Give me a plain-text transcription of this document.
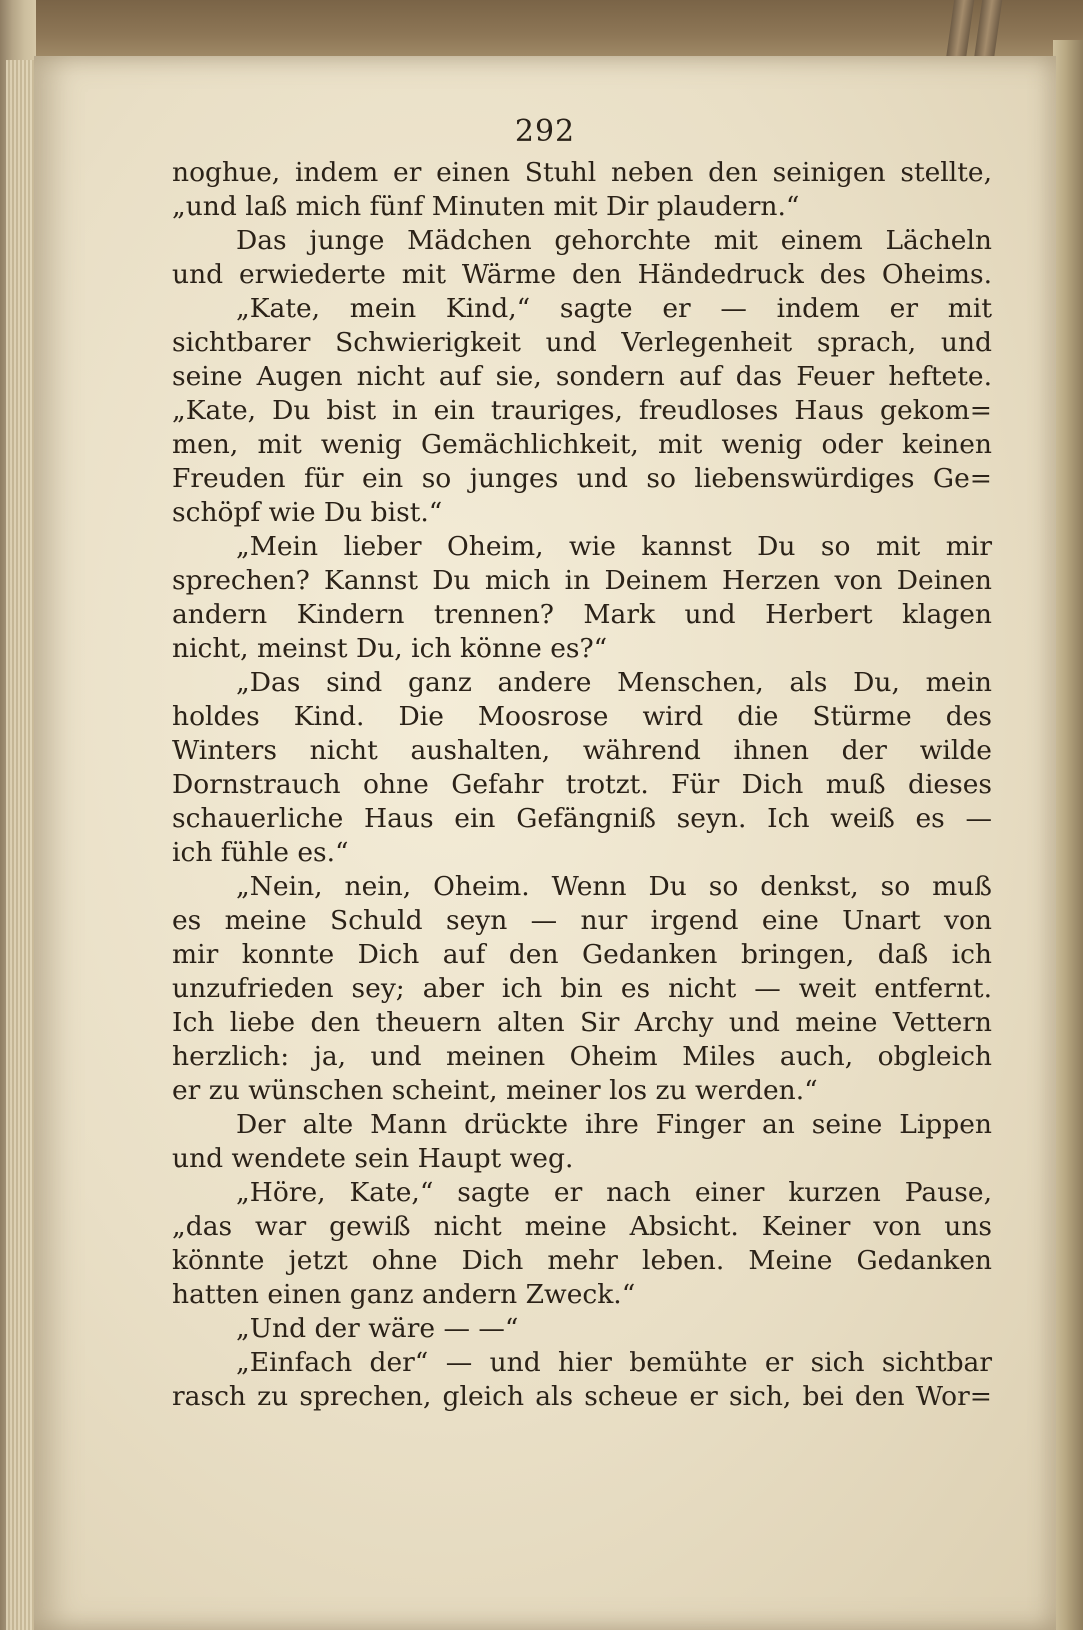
292
noghue, indem er einen Stuhl neben den seinigen stellte,
„und laß mich fünf Minuten mit Dir plaudern.“
Das junge Mädchen gehorchte mit einem Lächeln
und erwiederte mit Wärme den Händedruck des Oheims.
„Kate, mein Kind,“ sagte er — indem er mit
sichtbarer Schwierigkeit und Verlegenheit sprach, und
seine Augen nicht auf sie, sondern auf das Feuer heftete.
„Kate, Du bist in ein trauriges, freudloses Haus gekom=
men, mit wenig Gemächlichkeit, mit wenig oder keinen
Freuden für ein so junges und so liebenswürdiges Ge=
schöpf wie Du bist.“
„Mein lieber Oheim, wie kannst Du so mit mir
sprechen? Kannst Du mich in Deinem Herzen von Deinen
andern Kindern trennen? Mark und Herbert klagen
nicht, meinst Du, ich könne es?“
„Das sind ganz andere Menschen, als Du, mein
holdes Kind. Die Moosrose wird die Stürme des
Winters nicht aushalten, während ihnen der wilde
Dornstrauch ohne Gefahr trotzt. Für Dich muß dieses
schauerliche Haus ein Gefängniß seyn. Ich weiß es —
ich fühle es.“
„Nein, nein, Oheim. Wenn Du so denkst, so muß
es meine Schuld seyn — nur irgend eine Unart von
mir konnte Dich auf den Gedanken bringen, daß ich
unzufrieden sey; aber ich bin es nicht — weit entfernt.
Ich liebe den theuern alten Sir Archy und meine Vettern
herzlich: ja, und meinen Oheim Miles auch, obgleich
er zu wünschen scheint, meiner los zu werden.“
Der alte Mann drückte ihre Finger an seine Lippen
und wendete sein Haupt weg.
„Höre, Kate,“ sagte er nach einer kurzen Pause,
„das war gewiß nicht meine Absicht. Keiner von uns
könnte jetzt ohne Dich mehr leben. Meine Gedanken
hatten einen ganz andern Zweck.“
„Und der wäre — —“
„Einfach der“ — und hier bemühte er sich sichtbar
rasch zu sprechen, gleich als scheue er sich, bei den Wor=
